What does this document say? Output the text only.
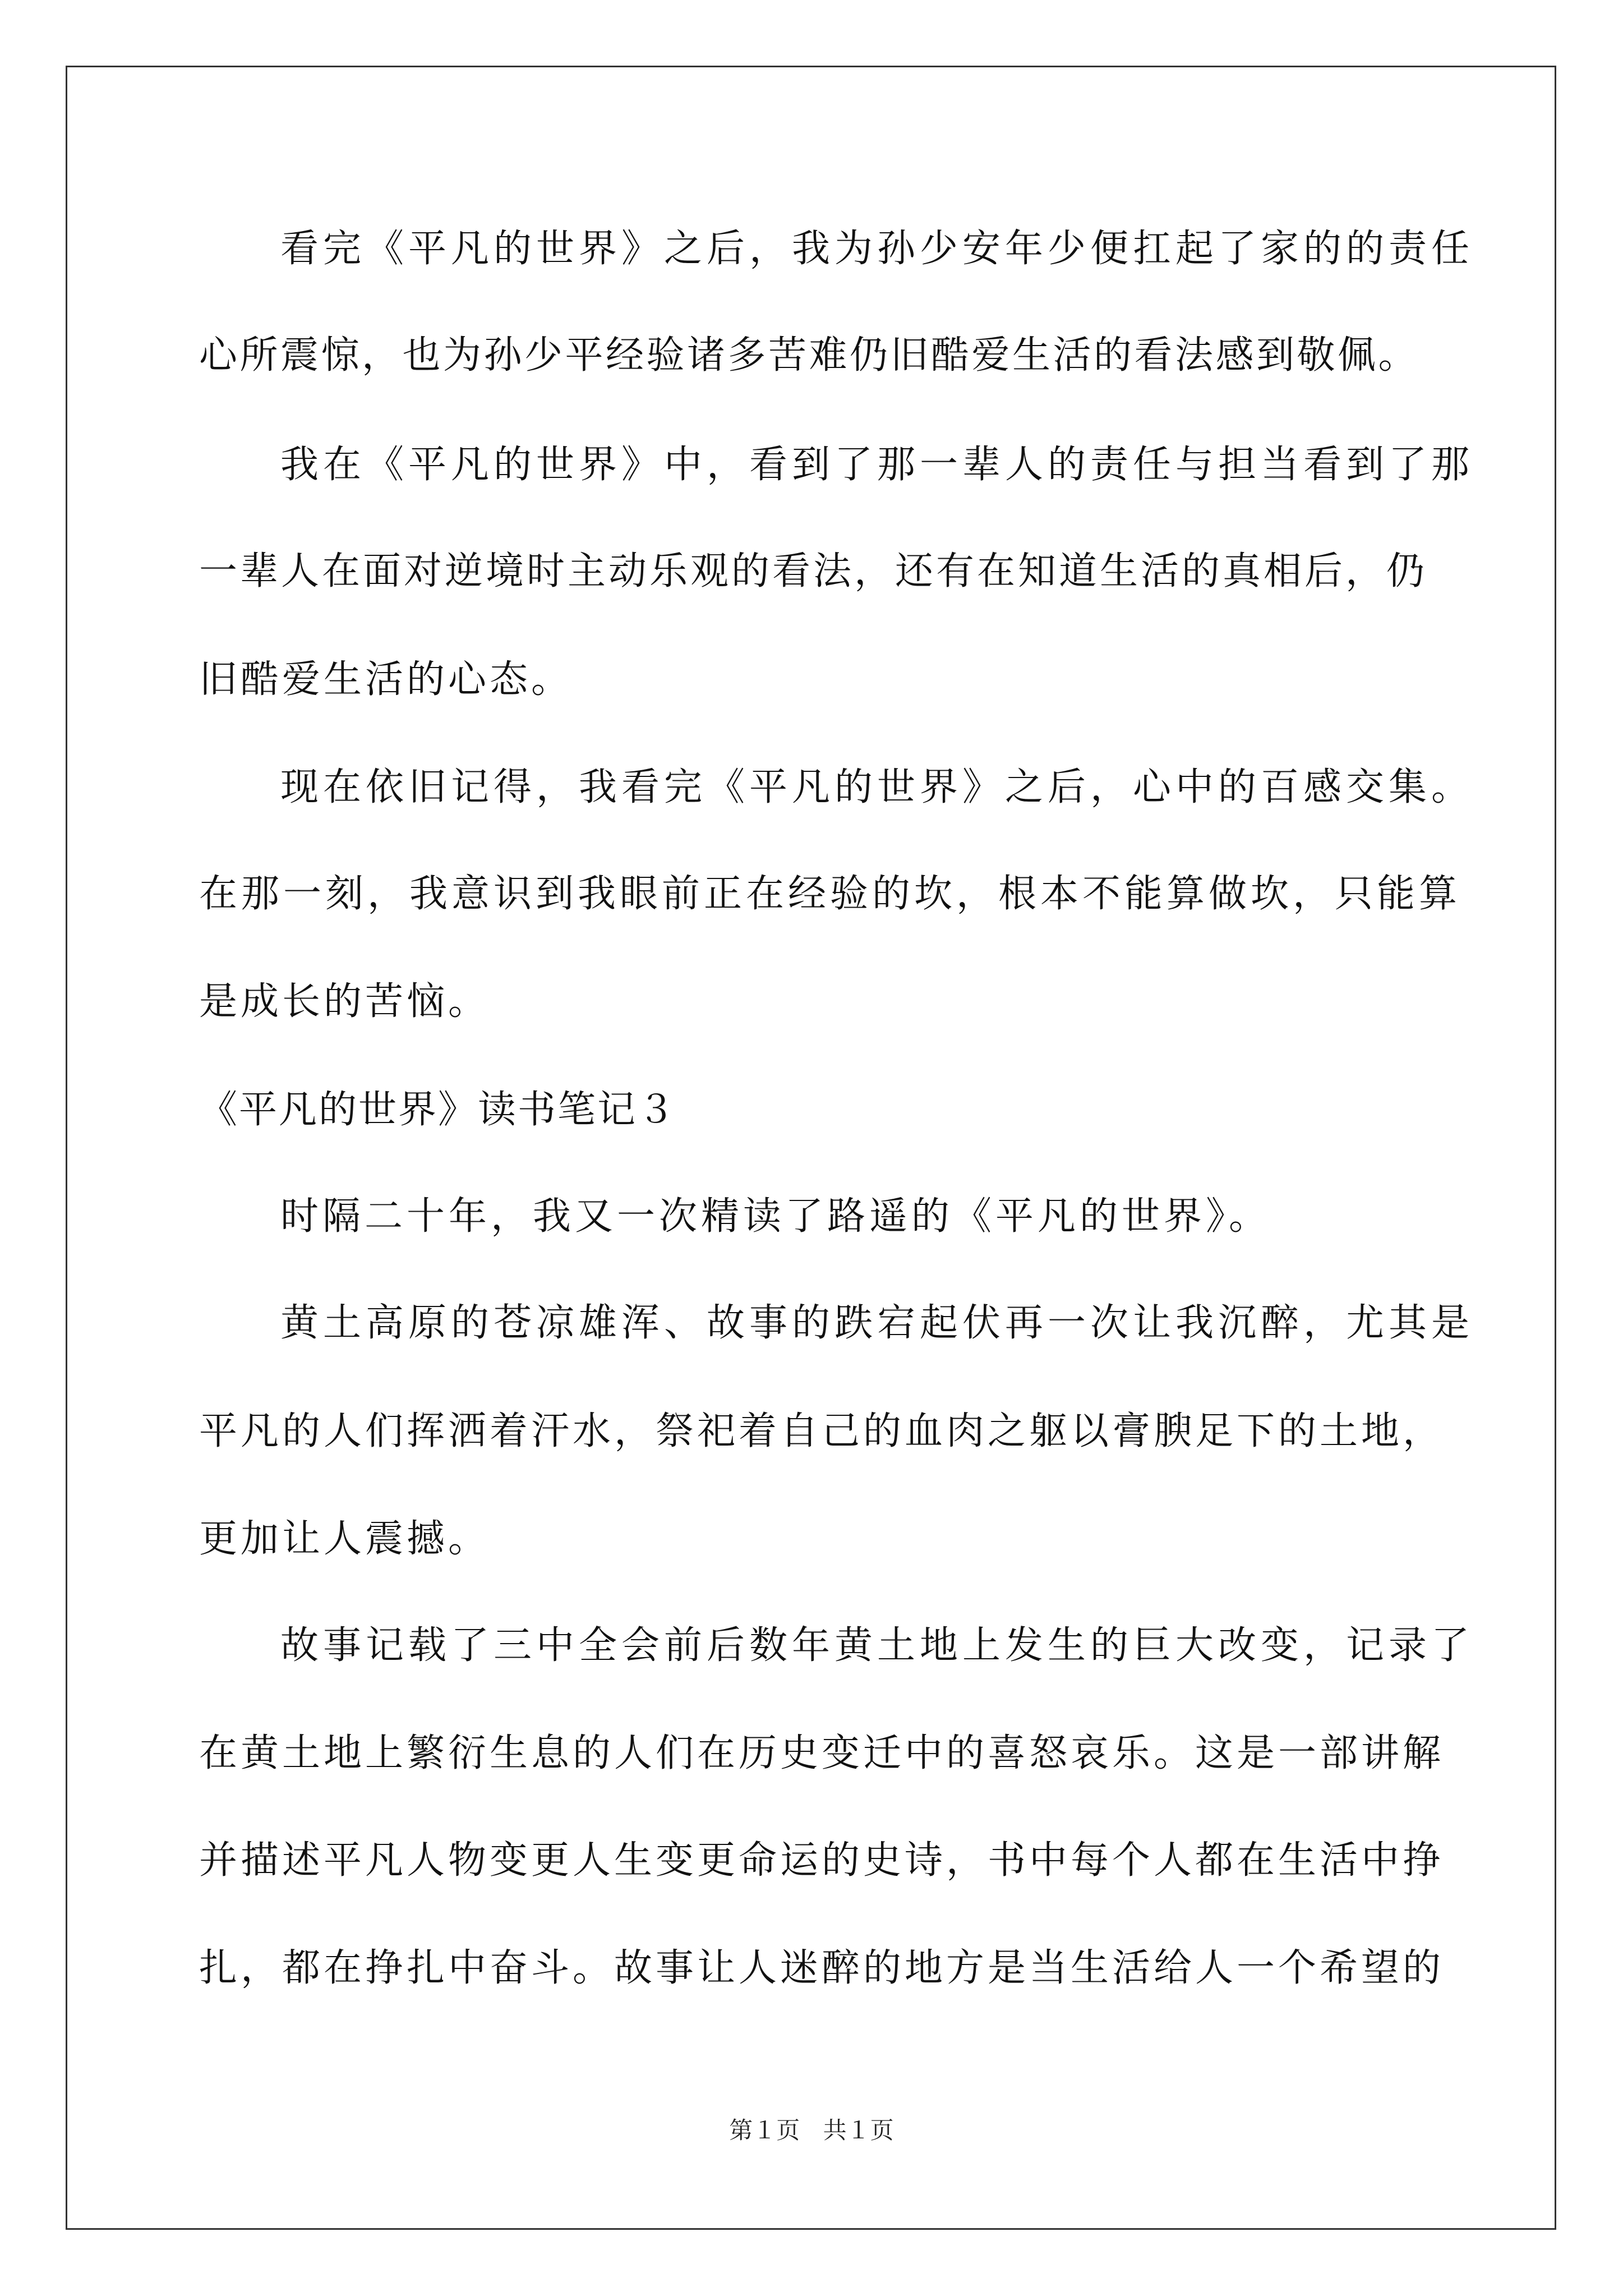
看完《平凡的世界》之后，我为孙少安年少便扛起了家的的责任
心所震惊，也为孙少平经验诸多苦难仍旧酷爱生活的看法感到敬佩。
我在《平凡的世界》中，看到了那一辈人的责任与担当看到了那
一辈人在面对逆境时主动乐观的看法，还有在知道生活的真相后，仍
旧酷爱生活的心态。
现在依旧记得，我看完《平凡的世界》之后，心中的百感交集。
在那一刻，我意识到我眼前正在经验的坎，根本不能算做坎，只能算
是成长的苦恼。
《平凡的世界》读书笔记３
时隔二十年，我又一次精读了路遥的《平凡的世界》。
黄土高原的苍凉雄浑、故事的跌宕起伏再一次让我沉醉，尤其是
平凡的人们挥洒着汗水，祭祀着自己的血肉之躯以膏腴足下的土地，
更加让人震撼。
故事记载了三中全会前后数年黄土地上发生的巨大改变，记录了
在黄土地上繁衍生息的人们在历史变迁中的喜怒哀乐。这是一部讲解
并描述平凡人物变更人生变更命运的史诗，书中每个人都在生活中挣
扎，都在挣扎中奋斗。故事让人迷醉的地方是当生活给人一个希望的
第１页 共１页
